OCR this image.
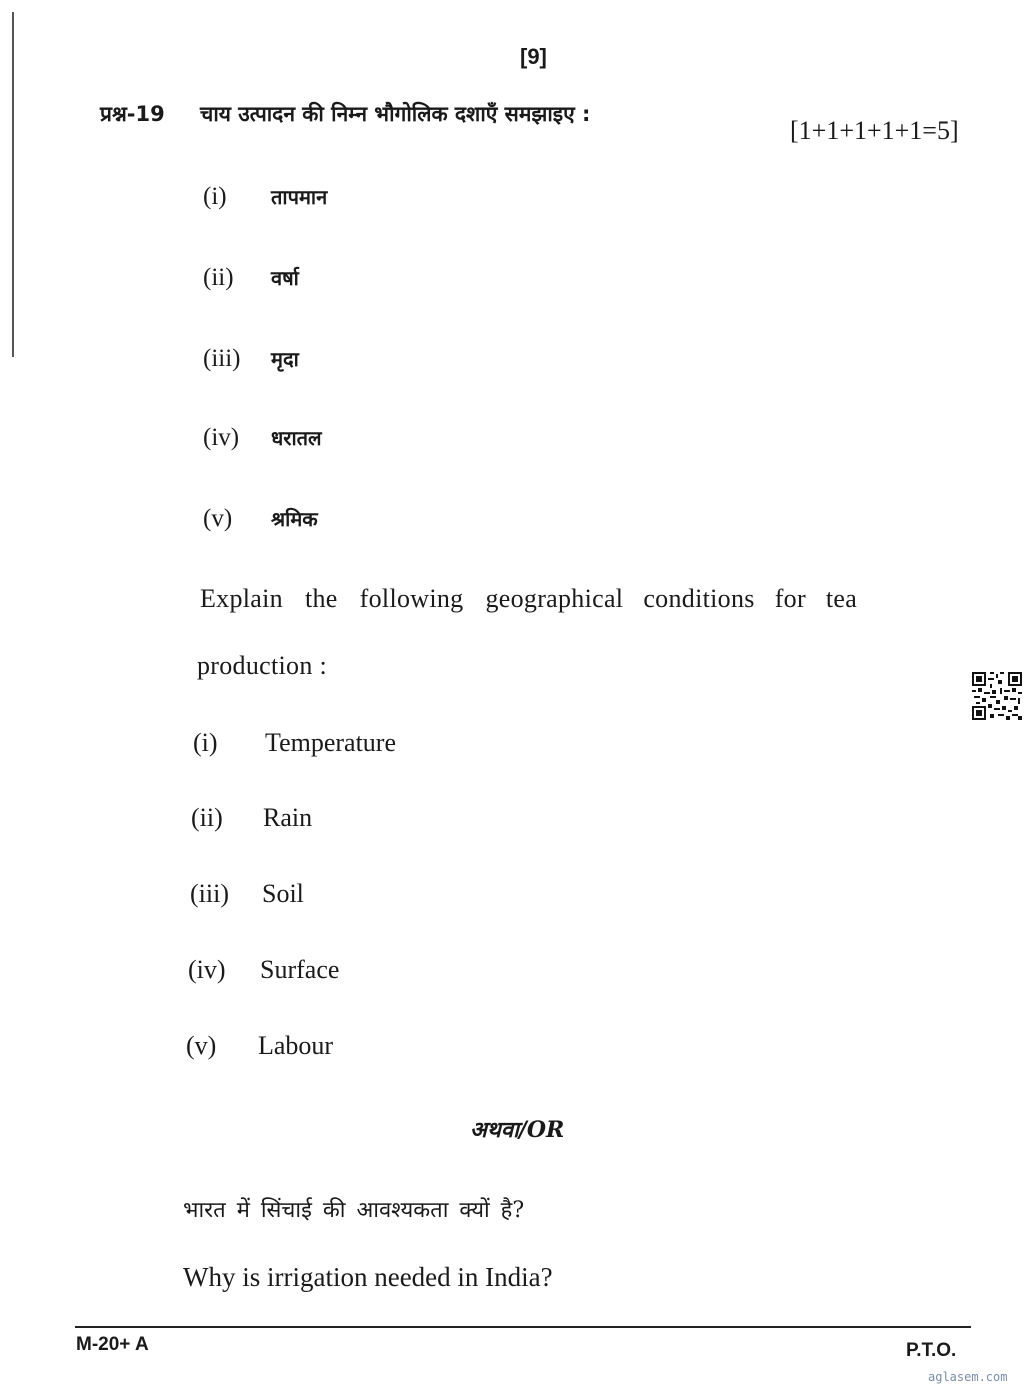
[9]
प्रश्न-19 चाय उत्पादन की निम्न भौगोलिक दशाएँ समझाइए :
[1+1+1+1+1=5]
(i) तापमान
(ii) वर्षा
(iii) मृदा
(iv) धरातल
(v) श्रमिक
Explain the following geographical conditions for tea
production :
(i) Temperature
(ii) Rain
(iii) Soil
(iv) Surface
(v) Labour
अथवा/OR
भारत में सिंचाई की आवश्यकता क्यों है?
Why is irrigation needed in India?
M-20+ A	P.T.O.
aglasem.com
